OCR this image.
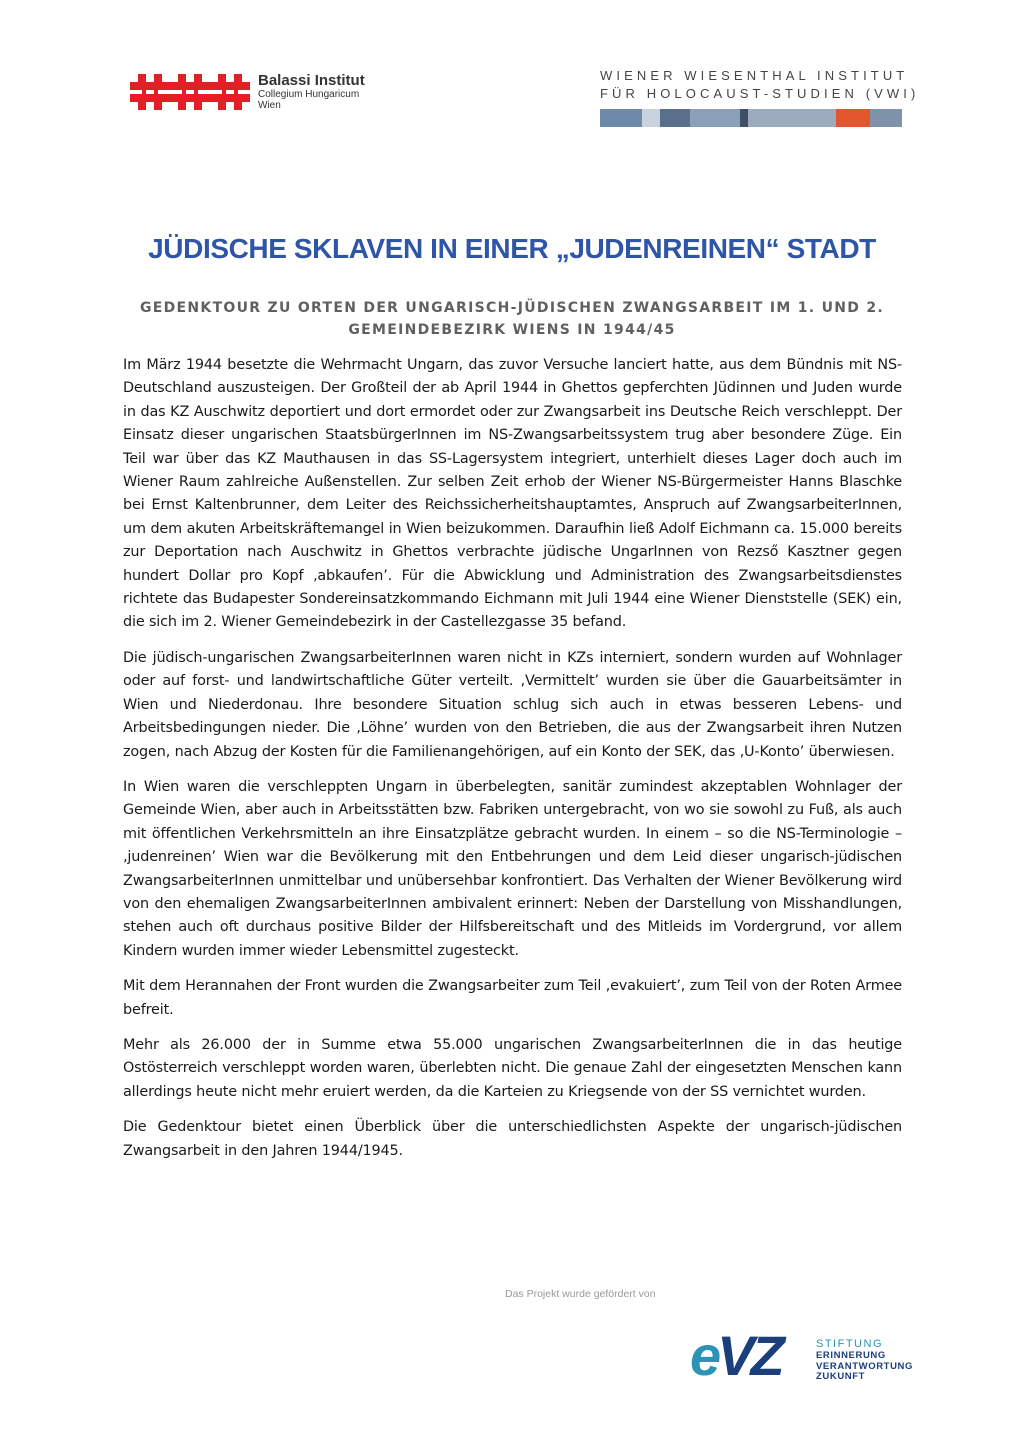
Balassi Institut
Collegium Hungaricum
Wien
WIENER WIESENTHAL INSTITUT
FÜR HOLOCAUST-STUDIEN (VWI)
JÜDISCHE SKLAVEN IN EINER „JUDENREINEN“ STADT
GEDENKTOUR ZU ORTEN DER UNGARISCH-JÜDISCHEN ZWANGSARBEIT IM 1. UND 2. GEMEINDEBEZIRK WIENS IN 1944/45

Im März 1944 besetzte die Wehrmacht Ungarn, das zuvor Versuche lanciert hatte, aus dem Bündnis mit NS-Deutschland auszusteigen. Der Großteil der ab April 1944 in Ghettos gepferchten Jüdinnen und Juden wurde in das KZ Auschwitz deportiert und dort ermordet oder zur Zwangsarbeit ins Deutsche Reich verschleppt. Der Einsatz dieser ungarischen StaatsbürgerInnen im NS-Zwangsarbeitssystem trug aber besondere Züge. Ein Teil war über das KZ Mauthausen in das SS-Lagersystem integriert, unterhielt dieses Lager doch auch im Wiener Raum zahlreiche Außenstellen. Zur selben Zeit erhob der Wiener NS-Bürgermeister Hanns Blaschke bei Ernst Kaltenbrunner, dem Leiter des Reichssicherheitshauptamtes, Anspruch auf ZwangsarbeiterInnen, um dem akuten Arbeitskräftemangel in Wien beizukommen. Daraufhin ließ Adolf Eichmann ca. 15.000 bereits zur Deportation nach Auschwitz in Ghettos verbrachte jüdische UngarInnen von Rezső Kasztner gegen hundert Dollar pro Kopf ‚abkaufen’. Für die Abwicklung und Administration des Zwangsarbeitsdienstes richtete das Budapester Sondereinsatzkommando Eichmann mit Juli 1944 eine Wiener Dienststelle (SEK) ein, die sich im 2. Wiener Gemeindebezirk in der Castellezgasse 35 befand.

Die jüdisch-ungarischen ZwangsarbeiterInnen waren nicht in KZs interniert, sondern wurden auf Wohnlager oder auf forst- und landwirtschaftliche Güter verteilt. ‚Vermittelt’ wurden sie über die Gauarbeitsämter in Wien und Niederdonau. Ihre besondere Situation schlug sich auch in etwas besseren Lebens- und Arbeitsbedingungen nieder. Die ‚Löhne’ wurden von den Betrieben, die aus der Zwangsarbeit ihren Nutzen zogen, nach Abzug der Kosten für die Familienangehörigen, auf ein Konto der SEK, das ‚U-Konto’ überwiesen.

In Wien waren die verschleppten Ungarn in überbelegten, sanitär zumindest akzeptablen Wohnlager der Gemeinde Wien, aber auch in Arbeitsstätten bzw. Fabriken untergebracht, von wo sie sowohl zu Fuß, als auch mit öffentlichen Verkehrsmitteln an ihre Einsatzplätze gebracht wurden. In einem – so die NS-Terminologie – ‚judenreinen’ Wien war die Bevölkerung mit den Entbehrungen und dem Leid dieser ungarisch-jüdischen ZwangsarbeiterInnen unmittelbar und unübersehbar konfrontiert. Das Verhalten der Wiener Bevölkerung wird von den ehemaligen ZwangsarbeiterInnen ambivalent erinnert: Neben der Darstellung von Misshandlungen, stehen auch oft durchaus positive Bilder der Hilfsbereitschaft und des Mitleids im Vordergrund, vor allem Kindern wurden immer wieder Lebensmittel zugesteckt.

Mit dem Herannahen der Front wurden die Zwangsarbeiter zum Teil ‚evakuiert’, zum Teil von der Roten Armee befreit.

Mehr als 26.000 der in Summe etwa 55.000 ungarischen ZwangsarbeiterInnen die in das heutige Ostösterreich verschleppt worden waren, überlebten nicht. Die genaue Zahl der eingesetzten Menschen kann allerdings heute nicht mehr eruiert werden, da die Karteien zu Kriegsende von der SS vernichtet wurden.

Die Gedenktour bietet einen Überblick über die unterschiedlichsten Aspekte der ungarisch-jüdischen Zwangsarbeit in den Jahren 1944/1945.

Das Projekt wurde gefördert von
eVZ	STIFTUNG
ERINNERUNG
VERANTWORTUNG
ZUKUNFT
